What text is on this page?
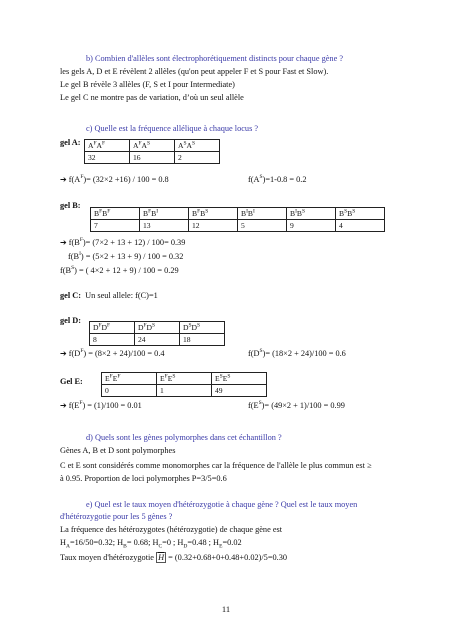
b) Combien d'allèles sont électrophorétiquement distincts pour chaque gène ?
les gels A, D et E révèlent 2 allèles (qu'on peut appeler F et S pour Fast et Slow).
Le gel B révèle 3 allèles (F, S et I pour Intermediate)
Le gel C ne montre pas de variation, d’où un seul allèle
c) Quelle est la fréquence allélique à chaque locus ?
gel A: $A^FA^F$	$A^FA^S$	$A^SA^S$
32	16	2
➔ $f(A^F)= (32\times 2 +16) / 100 = 0.8$	$f(A^S)=1-0.8 = 0.2$
gel B:
$B^FB^F$	$B^FB^I$	$B^FB^S$	$B^IB^I$	$B^IB^S$	$B^SB^S$
7	13	12	5	9	4
➔ $f(B^F)= (7\times 2 + 13 + 12) / 100= 0.39$
$f(B^I) = (5\times 2 + 13 + 9) / 100 = 0.32$
$f(B^S)$ = ( 4×2 + 12 + 9) / 100 = 0.29
gel C: Un seul allele: f(C)=1
gel D:
$D^FD^F$	$D^FD^S$	$D^SD^S$
8	24	18
➔ $f(D^F) = (8\times 2 + 24)/100 = 0.4$	$f(D^S)= (18\times 2 + 24)/100 = 0.6$
Gel E:	$E^FE^F$	$E^FE^S$	$E^SE^S$
0	1	49
➔ $f(E^F) = (1)/100 = 0.01$	$f(E^S)= (49\times 2 + 1)/100 = 0.99$
d) Quels sont les gènes polymorphes dans cet échantillon ?
Gènes A, B et D sont polymorphes
C et E sont considérés comme monomorphes car la fréquence de l'allèle le plus commun est ≥
à 0.95. Proportion de loci polymorphes P=3/5=0.6
e) Quel est le taux moyen d'hétérozygotie à chaque gène ? Quel est le taux moyen
d'hétérozygotie pour les 5 gènes ?
La fréquence des hétérozygotes (hétérozygotie) de chaque gène est
$H_A=16/50=0.32$; $H_B= 0.68$; $H_C=0$ ; $H_D=0.48$ ; $H_E=0.02$
Taux moyen d'hétérozygotie $\overline{H} = (0.32+0.68+0+0.48+0.02)/5=0.30$
11
